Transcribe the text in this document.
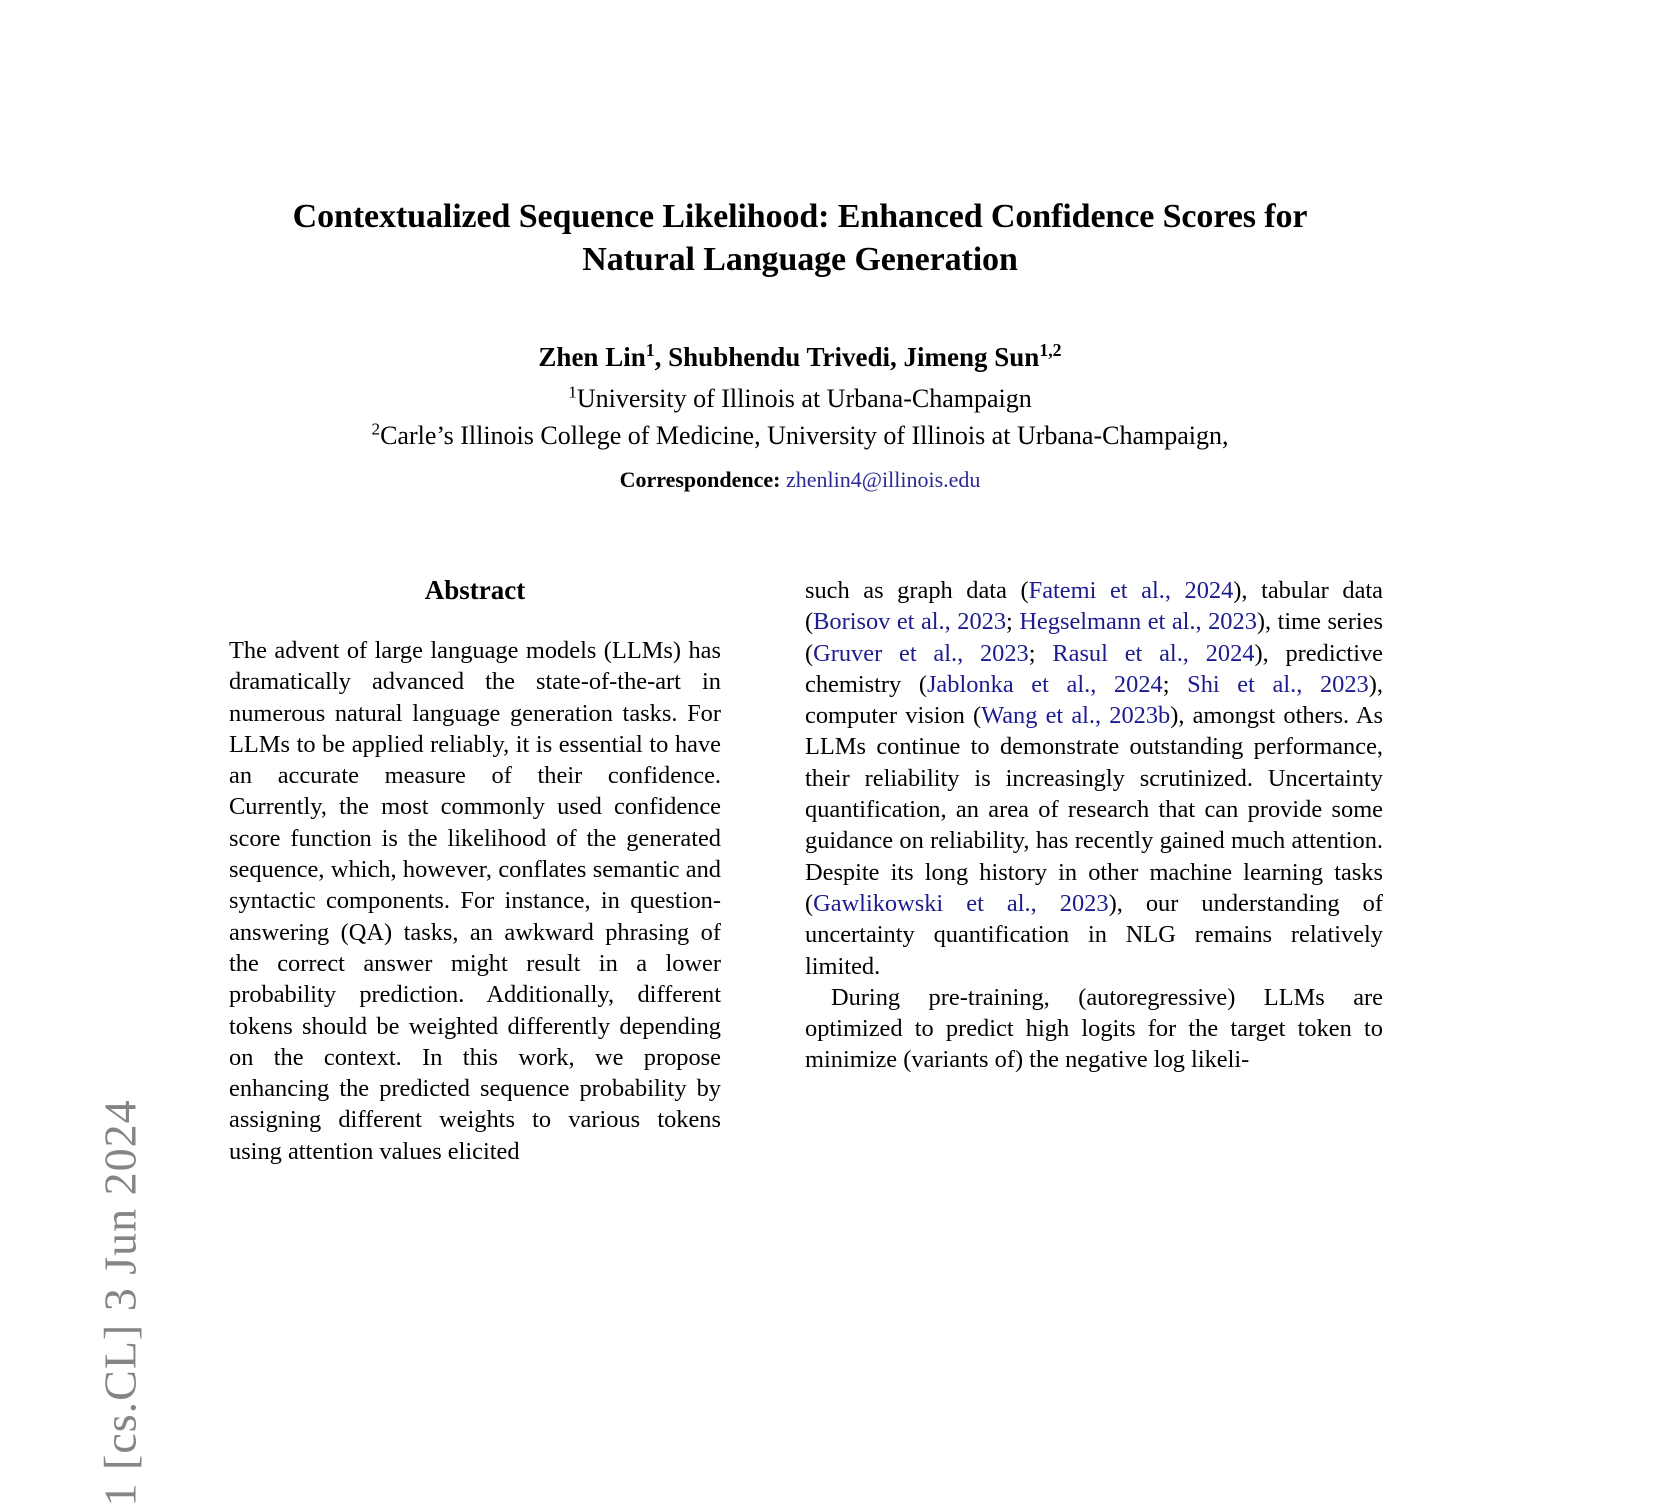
1 [cs.CL] 3 Jun 2024
Contextualized Sequence Likelihood: Enhanced Confidence Scores for
Natural Language Generation
Zhen Lin$^1$, Shubhendu Trivedi, Jimeng Sun$^{1,2}$
$^1$University of Illinois at Urbana-Champaign
$^2$Carle’s Illinois College of Medicine, University of Illinois at Urbana-Champaign,
Correspondence: zhenlin4@illinois.edu
Abstract

The advent of large language models (LLMs) has dramatically advanced the state-of-the-art in numerous natural language generation tasks. For LLMs to be applied reliably, it is essential to have an accurate measure of their confidence. Currently, the most commonly used confidence score function is the likelihood of the generated sequence, which, however, conflates semantic and syntactic components. For instance, in question-answering (QA) tasks, an awkward phrasing of the correct answer might result in a lower probability prediction. Additionally, different tokens should be weighted differently depending on the context. In this work, we propose enhancing the predicted sequence probability by assigning different weights to various tokens using attention values elicited

such as graph data (Fatemi et al., 2024), tabular data (Borisov et al., 2023; Hegselmann et al., 2023), time series (Gruver et al., 2023; Rasul et al., 2024), predictive chemistry (Jablonka et al., 2024; Shi et al., 2023), computer vision (Wang et al., 2023b), amongst others. As LLMs continue to demonstrate outstanding performance, their reliability is increasingly scrutinized. Uncertainty quantification, an area of research that can provide some guidance on reliability, has recently gained much attention. Despite its long history in other machine learning tasks (Gawlikowski et al., 2023), our understanding of uncertainty quantification in NLG remains relatively limited.

During pre-training, (autoregressive) LLMs are optimized to predict high logits for the target token to minimize (variants of) the negative log likeli-
